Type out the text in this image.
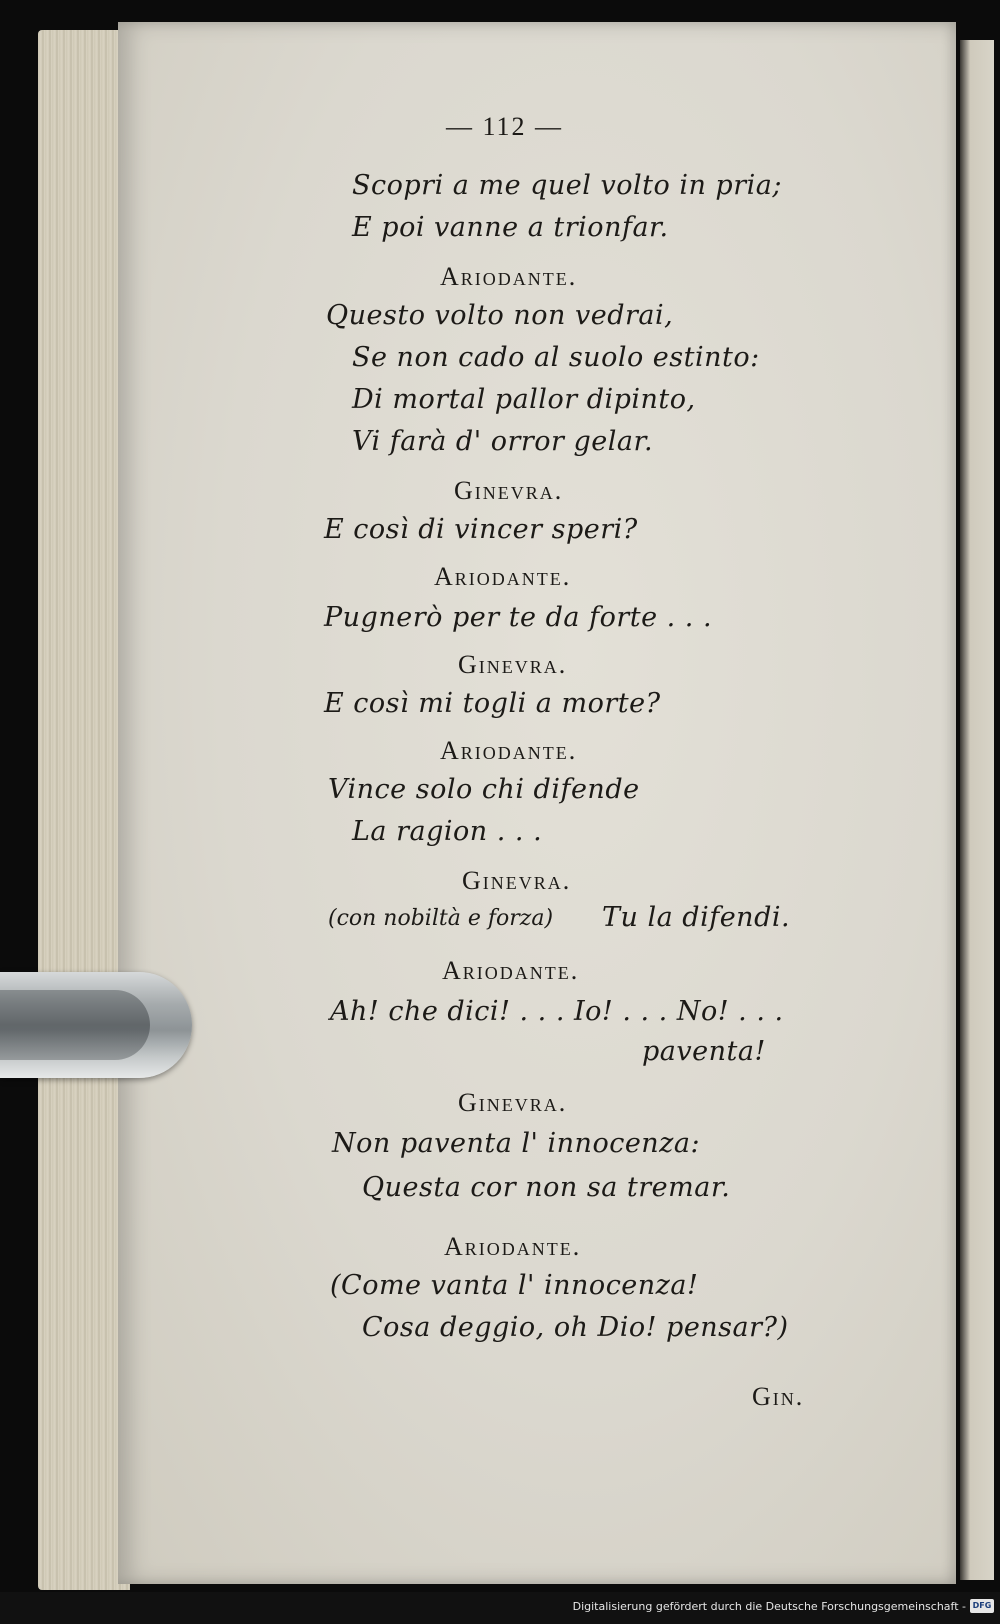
— 112 —
Scopri a me quel volto in pria;
E poi vanne a trionfar.
Ariodante.
Questo volto non vedrai,
Se non cado al suolo estinto:
Di mortal pallor dipinto,
Vi farà d' orror gelar.
Ginevra.
E così di vincer speri?
Ariodante.
Pugnerò per te da forte . . .
Ginevra.
E così mi togli a morte?
Ariodante.
Vince solo chi difende
La ragion . . .
Ginevra.
(con nobiltà e forza) Tu la difendi.
Ariodante.
Ah! che dici! . . . Io! . . . No! . . .
paventa!
Ginevra.
Non paventa l' innocenza:
Questa cor non sa tremar.
Ariodante.
(Come vanta l' innocenza!
Cosa deggio, oh Dio! pensar?)
Gin.
Digitalisierung gefördert durch die Deutsche Forschungsgemeinschaft - DFG
